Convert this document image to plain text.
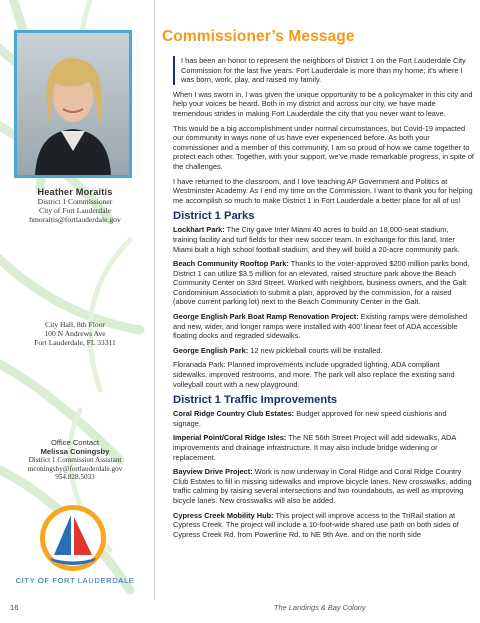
Heather Moraitis
District 1 Commissioner
City of Fort Lauderdale
hmoraitis@fortlauderdale.gov
City Hall, 8th Floor
100 N Andrews Ave
Fort Lauderdale, FL 33311
Office Contact
Melissa Coningsby
District 1 Commission Assistant
mconingsby@fortlauderdale.gov
954.828.5033
CITY OF FORT LAUDERDALE
Commissioner’s Message

I has been an honor to represent the neighbors of District 1 on the Fort Lauderdale City Commission for the last five years. Fort Lauderdale is more than my home; it’s where I was born, work, play, and raised my family.

When I was sworn in, I was given the unique opportunity to be a policymaker in this city and help your voices be heard. Both in my district and across our city, we have made tremendous strides in making Fort Lauderdale the city that you never want to leave.

This would be a big accomplishment under normal circumstances, but Covid-19 impacted our community in ways none of us have ever experienced before. As both your commissioner and a member of this community, I am so proud of how we came together to protect each other. Together, with your support, we’ve made remarkable progress, in spite of the challenges.

I have returned to the classroom, and I love teaching AP Government and Politics at Westminster Academy. As I end my time on the Commission, I want to thank you for helping me accomplish so much to make District 1 in Fort Lauderdale a better place for all of us!

District 1 Parks

Lockhart Park: The City gave Inter Miami 40 acres to build an 18,000-seat stadium, training facility and turf fields for their new soccer team. In exchange for this land, Inter Miami built a high school football stadium, and they will build a 20-acre community park.

Beach Community Rooftop Park: Thanks to the voter-approved $200 million parks bond, District 1 can utilize $3.5 million for an elevated, raised structure park above the Beach Community Center on 33rd Street. Worked with neighbors, business owners, and the Galt Condominium Association to submit a plan, approved by the commission, for a raised (above current parking lot) next to the Beach Community Center in the Galt.

George English Park Boat Ramp Renovation Project: Existing ramps were demolished and new, wider, and longer ramps were installed with 400’ linear feet of ADA accessible floating docks and regraded sidewalks.

George English Park: 12 new pickleball courts will be installed.

Floranada Park: Planned improvements include upgraded lighting, ADA compliant sidewalks, improved restrooms, and more. The park will also replace the existing sand volleyball court with a new playground.

District 1 Traffic Improvements

Coral Ridge Country Club Estates: Budget approved for new speed cushions and signage.

Imperial Point/Coral Ridge Isles: The NE 56th Street Project will add sidewalks, ADA improvements and drainage infrastructure. It may also include bridge widening or replacement.

Bayview Drive Project: Work is now underway in Coral Ridge and Coral Ridge Country Club Estates to fill in missing sidewalks and improve bicycle lanes. New crosswalks, adding traffic calming by raising several intersections and two roundabouts, as well as improving bicycle lanes. New crosswalks will also be added.

Cypress Creek Mobility Hub: This project will improve access to the TriRail station at Cypress Creek. The project will include a 10-foot-wide shared use path on both sides of Cypress Creek Rd. from Powerline Rd. to NE 9th Ave. and on the north side

16	The Landings & Bay Colony
